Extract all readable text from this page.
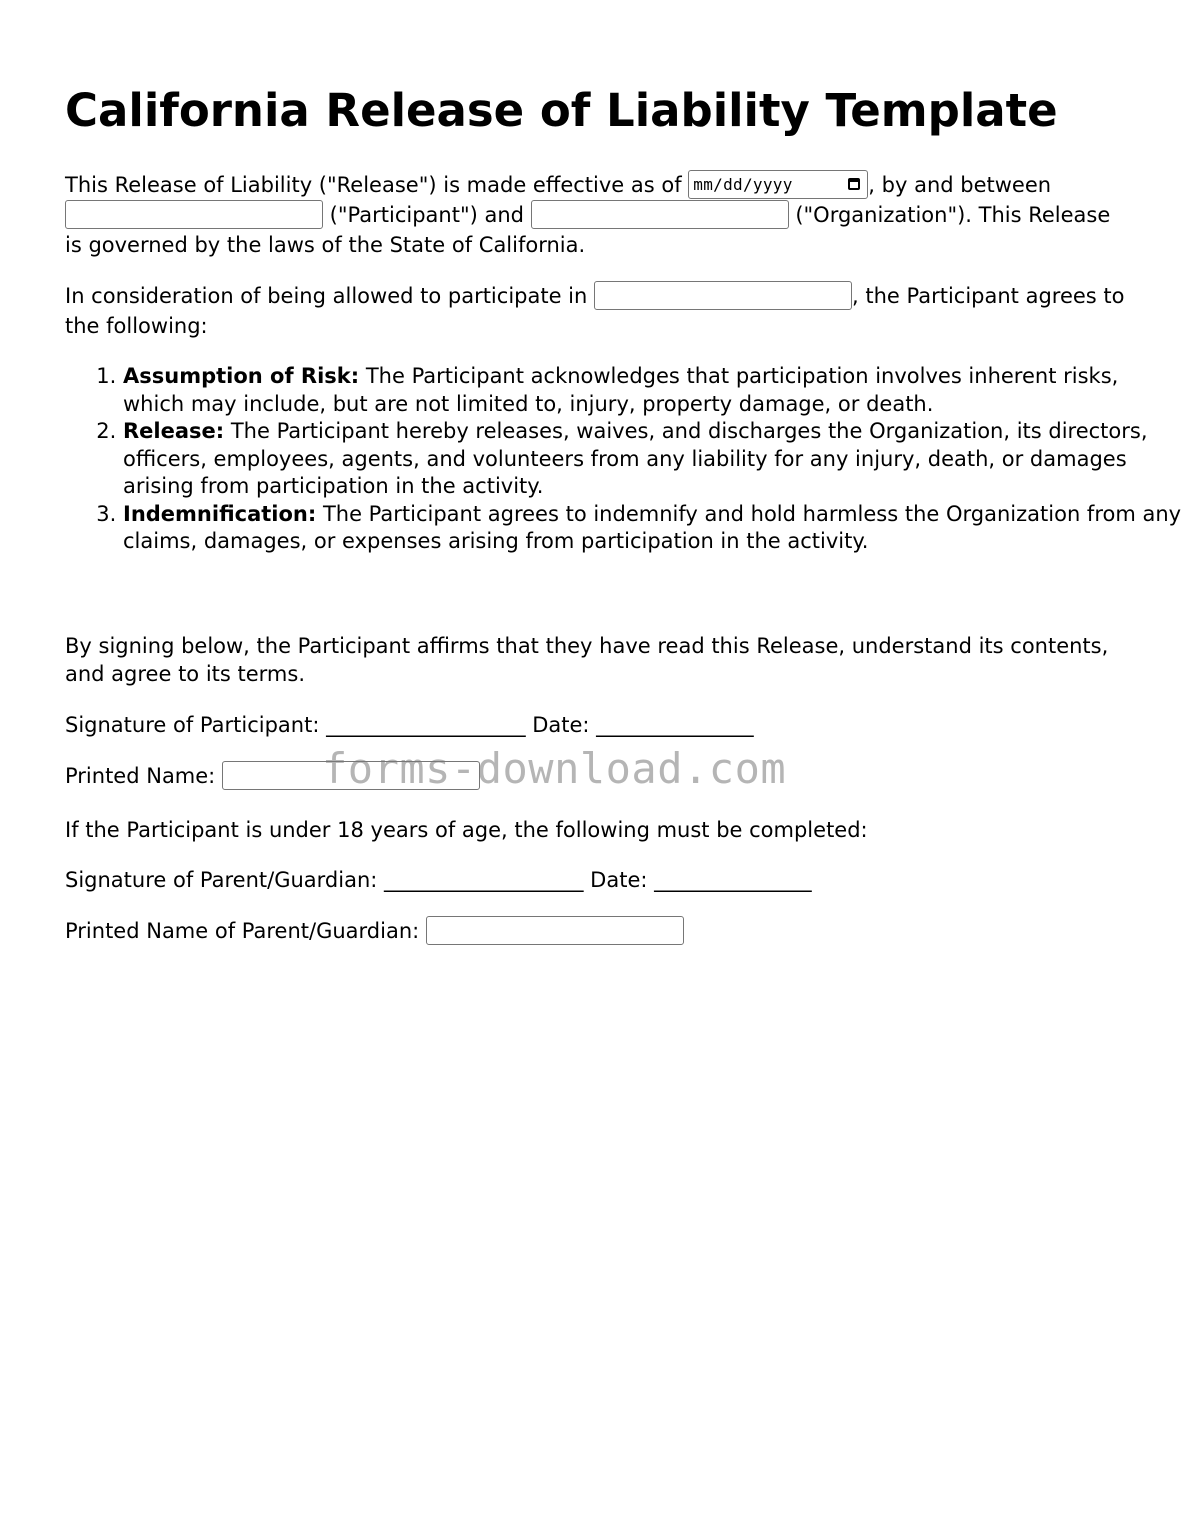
California Release of Liability Template

This Release of Liability ("Release") is made effective as of mm/dd/yyyy	, by and between  ("Participant") and	("Organization"). This Release is governed by the laws of the State of California.

In consideration of being allowed to participate in	, the Participant agrees to the following:

1. Assumption of Risk: The Participant acknowledges that participation involves inherent risks, which may include, but are not limited to, injury, property damage, or death.
2. Release: The Participant hereby releases, waives, and discharges the Organization, its directors, officers, employees, agents, and volunteers from any liability for any injury, death, or damages arising from participation in the activity.
3. Indemnification: The Participant agrees to indemnify and hold harmless the Organization from any claims, damages, or expenses arising from participation in the activity.

By signing below, the Participant affirms that they have read this Release, understand its contents, and agree to its terms.

Signature of Participant: ___________________ Date: _______________

Printed Name:

If the Participant is under 18 years of age, the following must be completed:

Signature of Parent/Guardian: ___________________ Date: _______________

Printed Name of Parent/Guardian:

forms-download.com
